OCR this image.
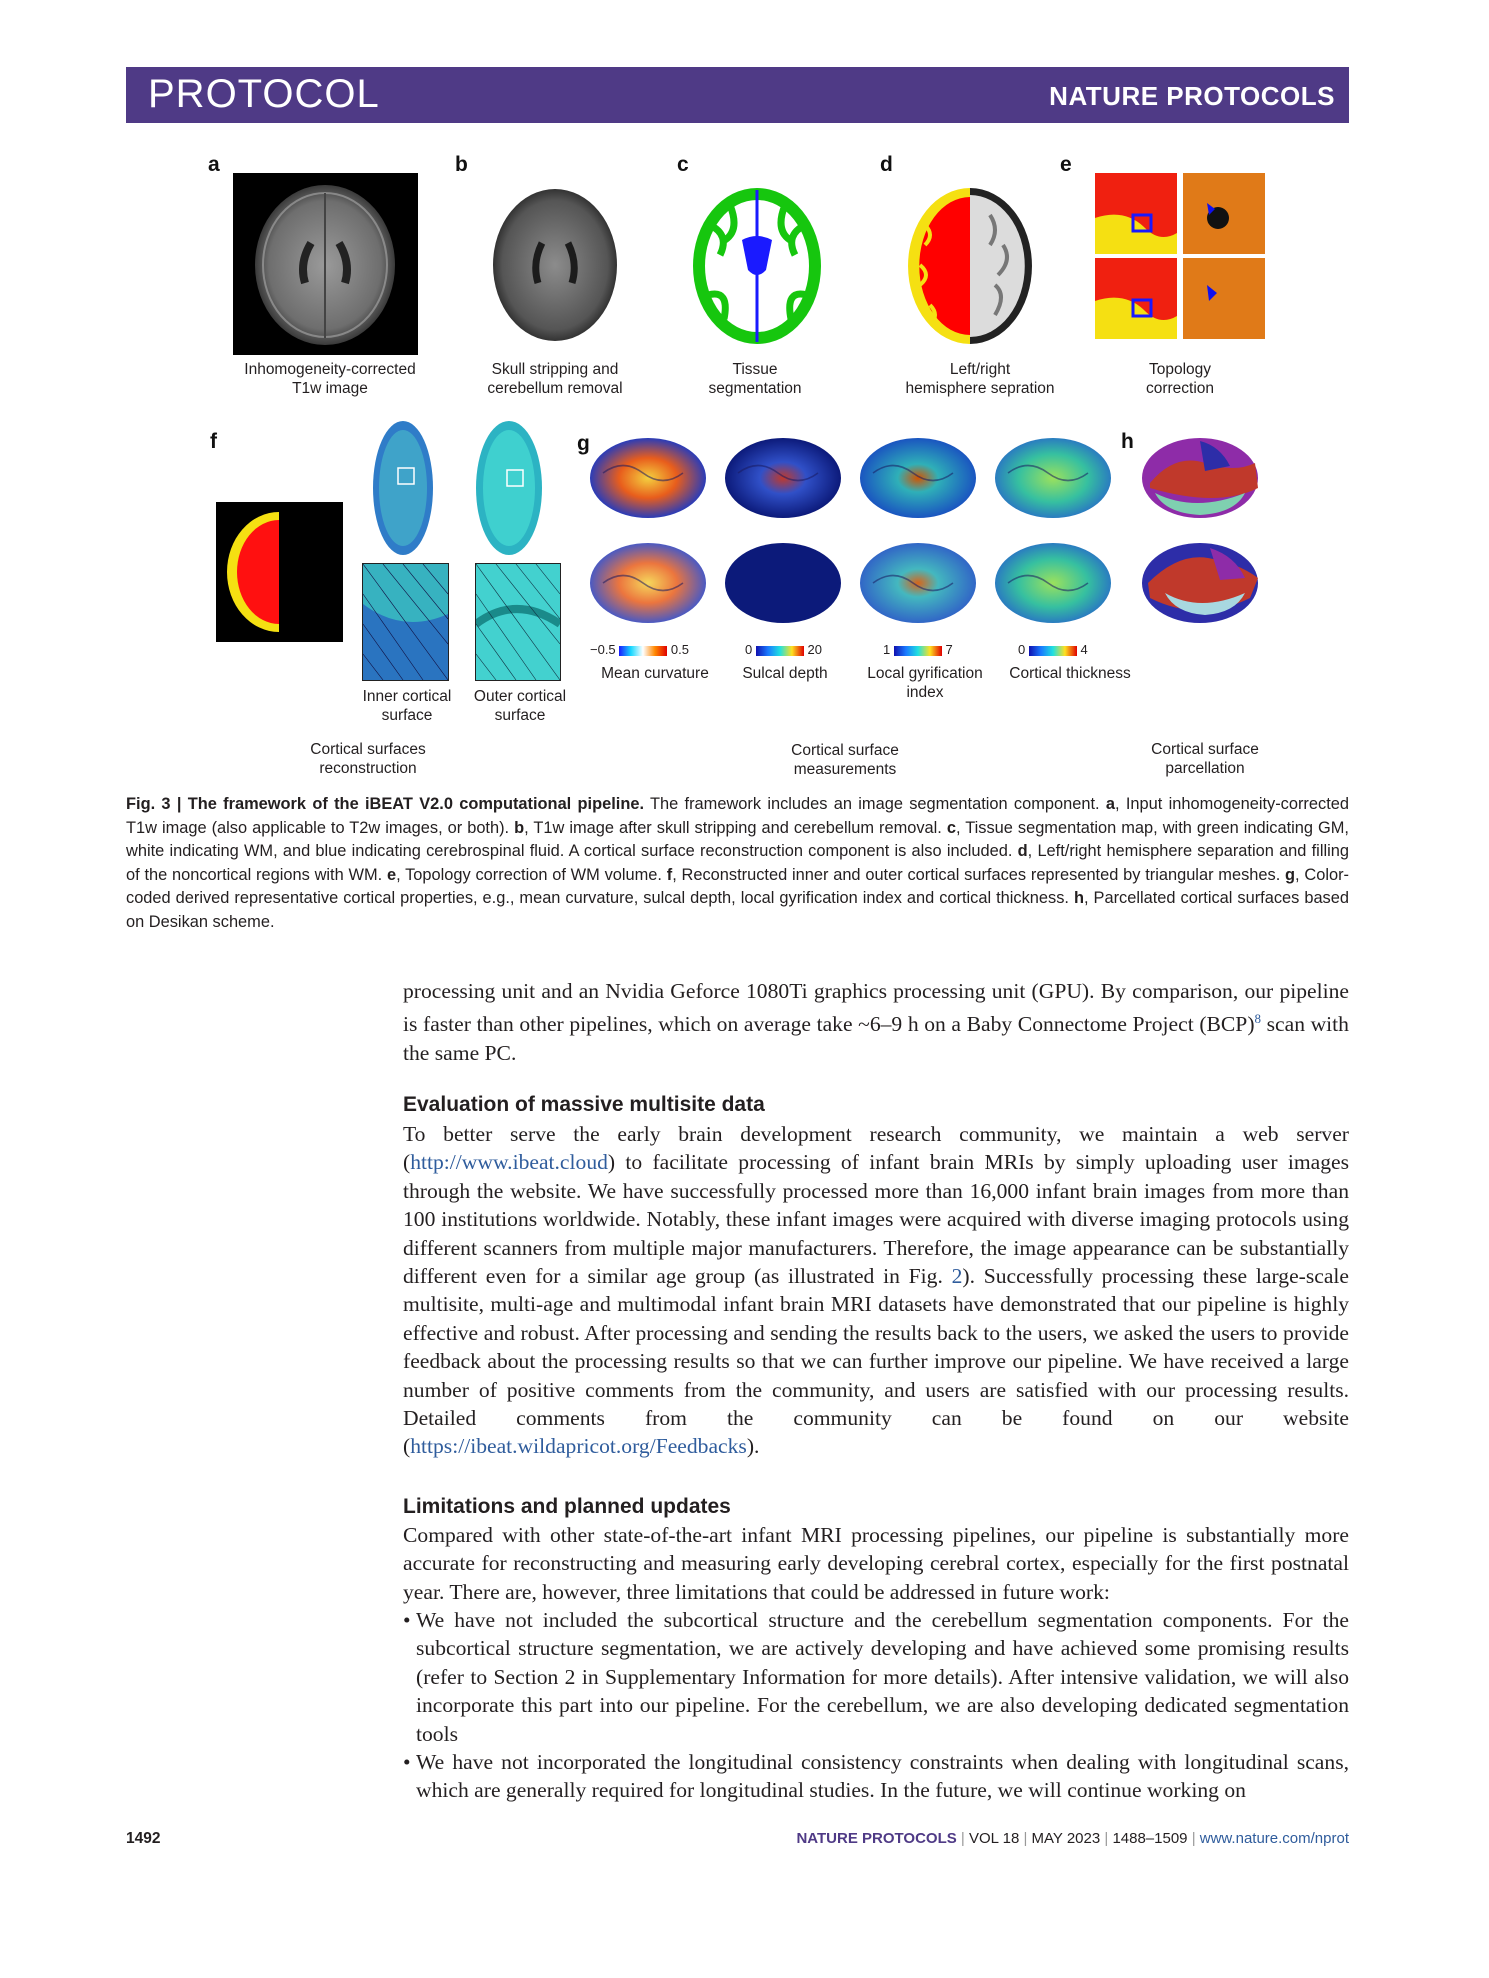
PROTOCOL	NATURE PROTOCOLS
a	b	c	d	e
f	g	h
Inhomogeneity-corrected
T1w image
Skull stripping and
cerebellum removal
Tissue
segmentation
Left/right
hemisphere sepration
Topology
correction
Inner cortical
surface
Outer cortical
surface
Cortical surfaces
reconstruction
−0.5	0.5	0	20	1	7	0	4
Mean curvature	Sulcal depth	Local gyrification
index
Cortical thickness
Cortical surface
measurements
Cortical surface
parcellation
Fig. 3 | The framework of the iBEAT V2.0 computational pipeline. The framework includes an image segmentation component. a, Input inhomogeneity-corrected T1w image (also applicable to T2w images, or both). b, T1w image after skull stripping and cerebellum removal. c, Tissue segmentation map, with green indicating GM, white indicating WM, and blue indicating cerebrospinal fluid. A cortical surface reconstruction component is also included. d, Left/right hemisphere separation and filling of the noncortical regions with WM. e, Topology correction of WM volume. f, Reconstructed inner and outer cortical surfaces represented by triangular meshes. g, Color-coded derived representative cortical properties, e.g., mean curvature, sulcal depth, local gyrification index and cortical thickness. h, Parcellated cortical surfaces based on Desikan scheme.
processing unit and an Nvidia Geforce 1080Ti graphics processing unit (GPU). By comparison, our pipeline is faster than other pipelines, which on average take ~6–9 h on a Baby Connectome Project (BCP)$^8$ scan with the same PC.
Evaluation of massive multisite data
To better serve the early brain development research community, we maintain a web server (http://www.ibeat.cloud) to facilitate processing of infant brain MRIs by simply uploading user images through the website. We have successfully processed more than 16,000 infant brain images from more than 100 institutions worldwide. Notably, these infant images were acquired with diverse imaging protocols using different scanners from multiple major manufacturers. Therefore, the image appearance can be substantially different even for a similar age group (as illustrated in Fig. 2). Successfully processing these large-scale multisite, multi-age and multimodal infant brain MRI datasets have demonstrated that our pipeline is highly effective and robust. After processing and sending the results back to the users, we asked the users to provide feedback about the processing results so that we can further improve our pipeline. We have received a large number of positive comments from the community, and users are satisfied with our processing results. Detailed comments from the community can be found on our website (https://ibeat.wildapricot.org/Feedbacks).
Limitations and planned updates
Compared with other state-of-the-art infant MRI processing pipelines, our pipeline is substantially more accurate for reconstructing and measuring early developing cerebral cortex, especially for the first postnatal year. There are, however, three limitations that could be addressed in future work:
• We have not included the subcortical structure and the cerebellum segmentation components. For the subcortical structure segmentation, we are actively developing and have achieved some promising results (refer to Section 2 in Supplementary Information for more details). After intensive validation, we will also incorporate this part into our pipeline. For the cerebellum, we are also developing dedicated segmentation tools
• We have not incorporated the longitudinal consistency constraints when dealing with longitudinal scans, which are generally required for longitudinal studies. In the future, we will continue working on
1492	NATURE PROTOCOLS | VOL 18 | MAY 2023 | 1488–1509 | www.nature.com/nprot
